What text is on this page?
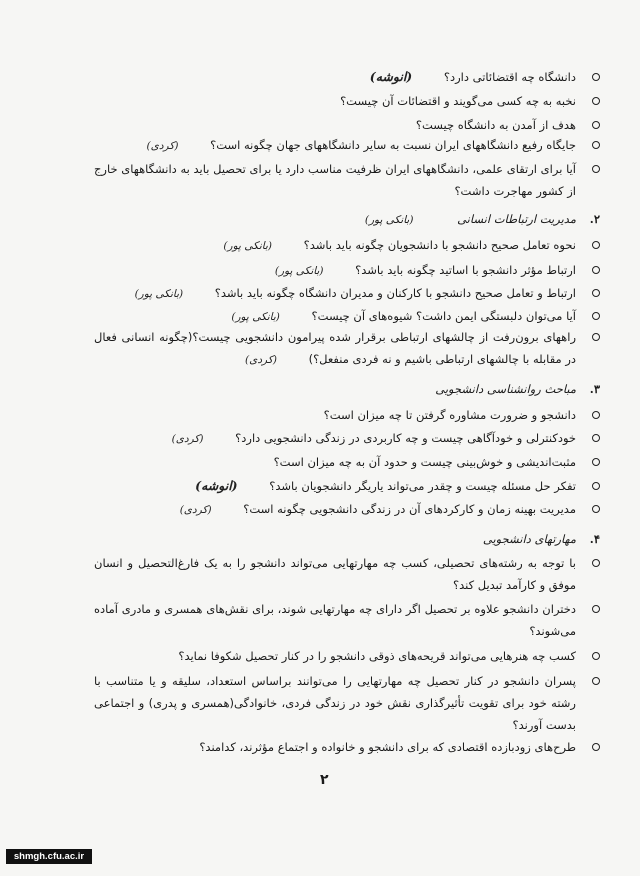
دانشگاه چه اقتضائاتی دارد؟ (انوشه)
نخبه به چه کسی می‌گویند و اقتضائات آن چیست؟
هدف از آمدن به دانشگاه چیست؟
جایگاه رفیع دانشگاههای ایران نسبت به سایر دانشگاههای جهان چگونه است؟ (کردی)
آیا برای ارتقای علمی، دانشگاههای ایران ظرفیت مناسب دارد یا برای تحصیل باید به دانشگاههای خارج از کشور مهاجرت داشت؟
۲.
مدیریت ارتباطات انسانی (بانکی پور)
نحوه تعامل صحیح دانشجو با دانشجویان چگونه باید باشد؟ (بانکی پور)
ارتباط مؤثر دانشجو با اساتید چگونه باید باشد؟ (بانکی پور)
ارتباط و تعامل صحیح دانشجو با کارکنان و مدیران دانشگاه چگونه باید باشد؟ (بانکی پور)
آیا می‌توان دلبستگی ایمن داشت؟ شیوه‌های آن چیست؟ (بانکی پور)
راههای برون‌رفت از چالشهای ارتباطی برقرار شده پیرامون دانشجویی چیست؟(چگونه انسانی فعال در مقابله با چالشهای ارتباطی باشیم و نه فردی منفعل؟) (کردی)
۳.
مباحث روانشناسی دانشجویی
دانشجو و ضرورت مشاوره گرفتن تا چه میزان است؟
خودکنترلی و خودآگاهی چیست و چه کاربردی در زندگی دانشجویی دارد؟ (کردی)
مثبت‌اندیشی و خوش‌بینی چیست و حدود آن به چه میزان است؟
تفکر حل مسئله چیست و چقدر می‌تواند یاریگر دانشجویان باشد؟ (انوشه)
مدیریت بهینه زمان و کارکردهای آن در زندگی دانشجویی چگونه است؟ (کردی)
۴.
مهارتهای دانشجویی
با توجه به رشته‌های تحصیلی، کسب چه مهارتهایی می‌تواند دانشجو را به یک فارغ‌التحصیل و انسان موفق و کارآمد تبدیل کند؟
دختران دانشجو علاوه بر تحصیل اگر دارای چه مهارتهایی شوند، برای نقش‌های همسری و مادری آماده می‌شوند؟
کسب چه هنرهایی می‌تواند قریحه‌های ذوقی دانشجو را در کنار تحصیل شکوفا نماید؟
پسران دانشجو در کنار تحصیل چه مهارتهایی را می‌توانند براساس استعداد، سلیقه و یا متناسب با رشته خود برای تقویت تأثیرگذاری نقش خود در زندگی فردی، خانوادگی(همسری و پدری) و اجتماعی بدست آورند؟
طرح‌های زودبازده اقتصادی که برای دانشجو و خانواده و اجتماع مؤثرند، کدامند؟
۲
shmgh.cfu.ac.ir
